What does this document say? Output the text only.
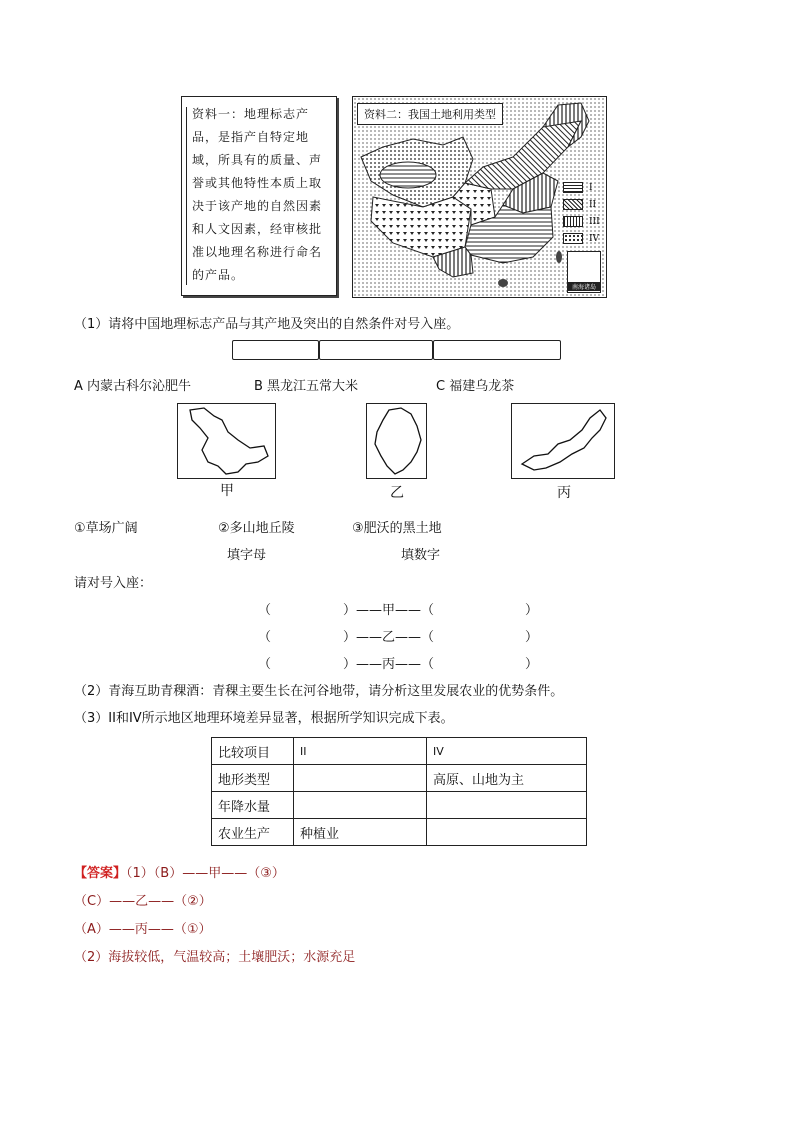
资料一：地理标志产品，是指产自特定地域，所具有的质量、声誉或其他特性本质上取决于该产地的自然因素和人文因素，经审核批准以地理名称进行命名的产品。
资料二：我国土地利用类型
I
II
III
IV
南海诸岛
（1）请将中国地理标志产品与其产地及突出的自然条件对号入座。
A 内蒙古科尔沁肥牛	B 黑龙江五常大米	C 福建乌龙茶
甲	乙	丙
①草场广阔	②多山地丘陵	③肥沃的黑土地
填字母	填数字
请对号入座：
（	）——甲——（	）
（	）——乙——（	）
（	）——丙——（	）
（2）青海互助青稞酒：青稞主要生长在河谷地带，请分析这里发展农业的优势条件。
（3）II和IV所示地区地理环境差异显著，根据所学知识完成下表。
比较项目	II	IV
地形类型		高原、山地为主
年降水量		
农业生产	种植业	
【答案】（1）（B）——甲——（③）
（C）——乙——（②）
（A）——丙——（①）
（2）海拔较低，气温较高；土壤肥沃；水源充足
